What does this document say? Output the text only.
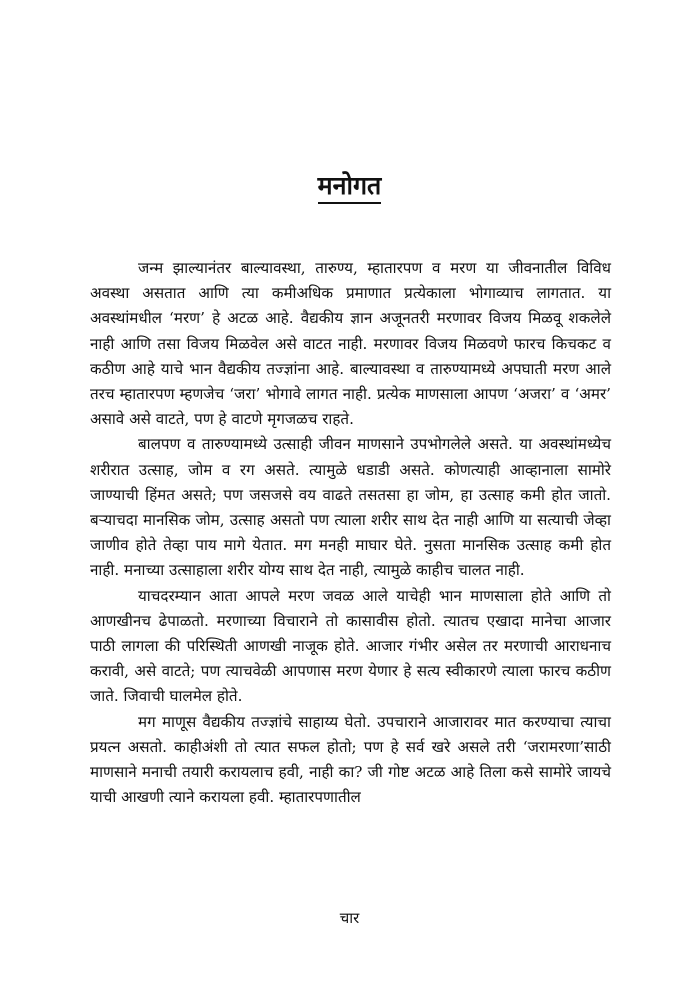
मनोगत

जन्म झाल्यानंतर बाल्यावस्था, तारुण्य, म्हातारपण व मरण या जीवनातील विविध अवस्था असतात आणि त्या कमीअधिक प्रमाणात प्रत्येकाला भोगाव्याच लागतात. या अवस्थांमधील ‘मरण’ हे अटळ आहे. वैद्यकीय ज्ञान अजूनतरी मरणावर विजय मिळवू शकलेले नाही आणि तसा विजय मिळवेल असे वाटत नाही. मरणावर विजय मिळवणे फारच किचकट व कठीण आहे याचे भान वैद्यकीय तज्ज्ञांना आहे. बाल्यावस्था व तारुण्यामध्ये अपघाती मरण आले तरच म्हातारपण म्हणजेच ‘जरा’ भोगावे लागत नाही. प्रत्येक माणसाला आपण ‘अजरा’ व ‘अमर’ असावे असे वाटते, पण हे वाटणे मृगजळच राहते.

बालपण व तारुण्यामध्ये उत्साही जीवन माणसाने उपभोगलेले असते. या अवस्थांमध्येच शरीरात उत्साह, जोम व रग असते. त्यामुळे धडाडी असते. कोणत्याही आव्हानाला सामोरे जाण्याची हिंमत असते; पण जसजसे वय वाढते तसतसा हा जोम, हा उत्साह कमी होत जातो. बऱ्याचदा मानसिक जोम, उत्साह असतो पण त्याला शरीर साथ देत नाही आणि या सत्याची जेव्हा जाणीव होते तेव्हा पाय मागे येतात. मग मनही माघार घेते. नुसता मानसिक उत्साह कमी होत नाही. मनाच्या उत्साहाला शरीर योग्य साथ देत नाही, त्यामुळे काहीच चालत नाही.

याचदरम्यान आता आपले मरण जवळ आले याचेही भान माणसाला होते आणि तो आणखीनच ढेपाळतो. मरणाच्या विचाराने तो कासावीस होतो. त्यातच एखादा मानेचा आजार पाठी लागला की परिस्थिती आणखी नाजूक होते. आजार गंभीर असेल तर मरणाची आराधनाच करावी, असे वाटते; पण त्याचवेळी आपणास मरण येणार हे सत्य स्वीकारणे त्याला फारच कठीण जाते. जिवाची घालमेल होते.

मग माणूस वैद्यकीय तज्ज्ञांचे साहाय्य घेतो. उपचाराने आजारावर मात करण्याचा त्याचा प्रयत्न असतो. काहीअंशी तो त्यात सफल होतो; पण हे सर्व खरे असले तरी ‘जरामरणा’साठी माणसाने मनाची तयारी करायलाच हवी, नाही का? जी गोष्ट अटळ आहे तिला कसे सामोरे जायचे याची आखणी त्याने करायला हवी. म्हातारपणातील

चार
